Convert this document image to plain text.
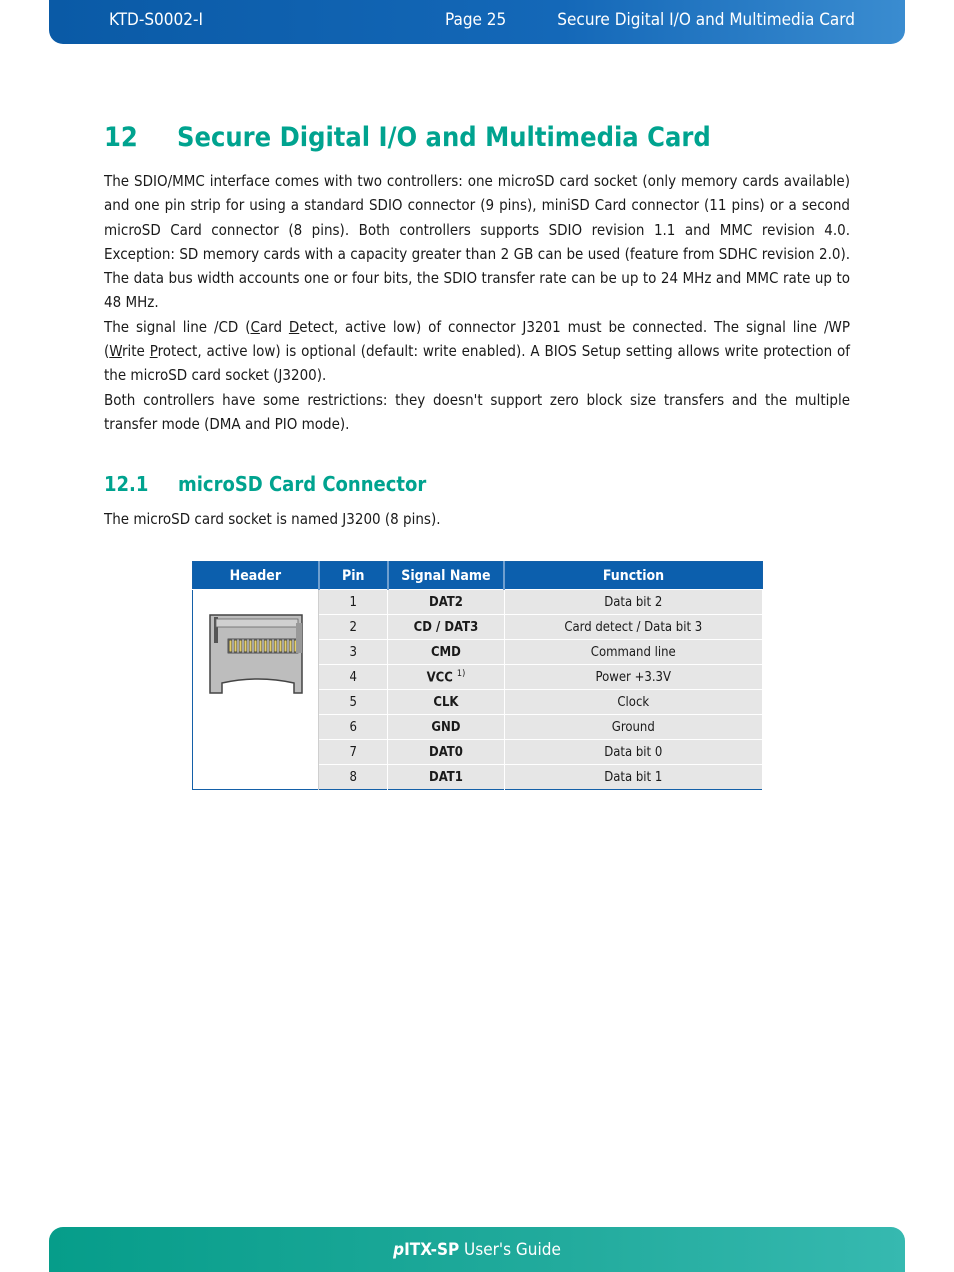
KTD-S0002-I	Page 25	Secure Digital I/O and Multimedia Card
12 Secure Digital I/O and Multimedia Card

The SDIO/MMC interface comes with two controllers: one microSD card socket (only memory cards available) and one pin strip for using a standard SDIO connector (9 pins), miniSD Card connector (11 pins) or a second microSD Card connector (8 pins). Both controllers supports SDIO revision 1.1 and MMC revision 4.0. Exception: SD memory cards with a capacity greater than 2 GB can be used (feature from SDHC revision 2.0). The data bus width accounts one or four bits, the SDIO transfer rate can be up to 24 MHz and MMC rate up to 48 MHz.

The signal line /CD (Card Detect, active low) of connector J3201 must be connected. The signal line /WP (Write Protect, active low) is optional (default: write enabled). A BIOS Setup setting allows write protection of the microSD card socket (J3200).

Both controllers have some restrictions: they doesn't support zero block size transfers and the multiple transfer mode (DMA and PIO mode).

12.1 microSD Card Connector

The microSD card socket is named J3200 (8 pins).

Header	Pin	Signal Name	Function
	1	DAT2	Data bit 2
	2	CD / DAT3	Card detect / Data bit 3
	3	CMD	Command line
	4	VCC $^{1)}$	Power +3.3V
	5	CLK	Clock
	6	GND	Ground
	7	DAT0	Data bit 0
	8	DAT1	Data bit 1
pITX-SP User's Guide
